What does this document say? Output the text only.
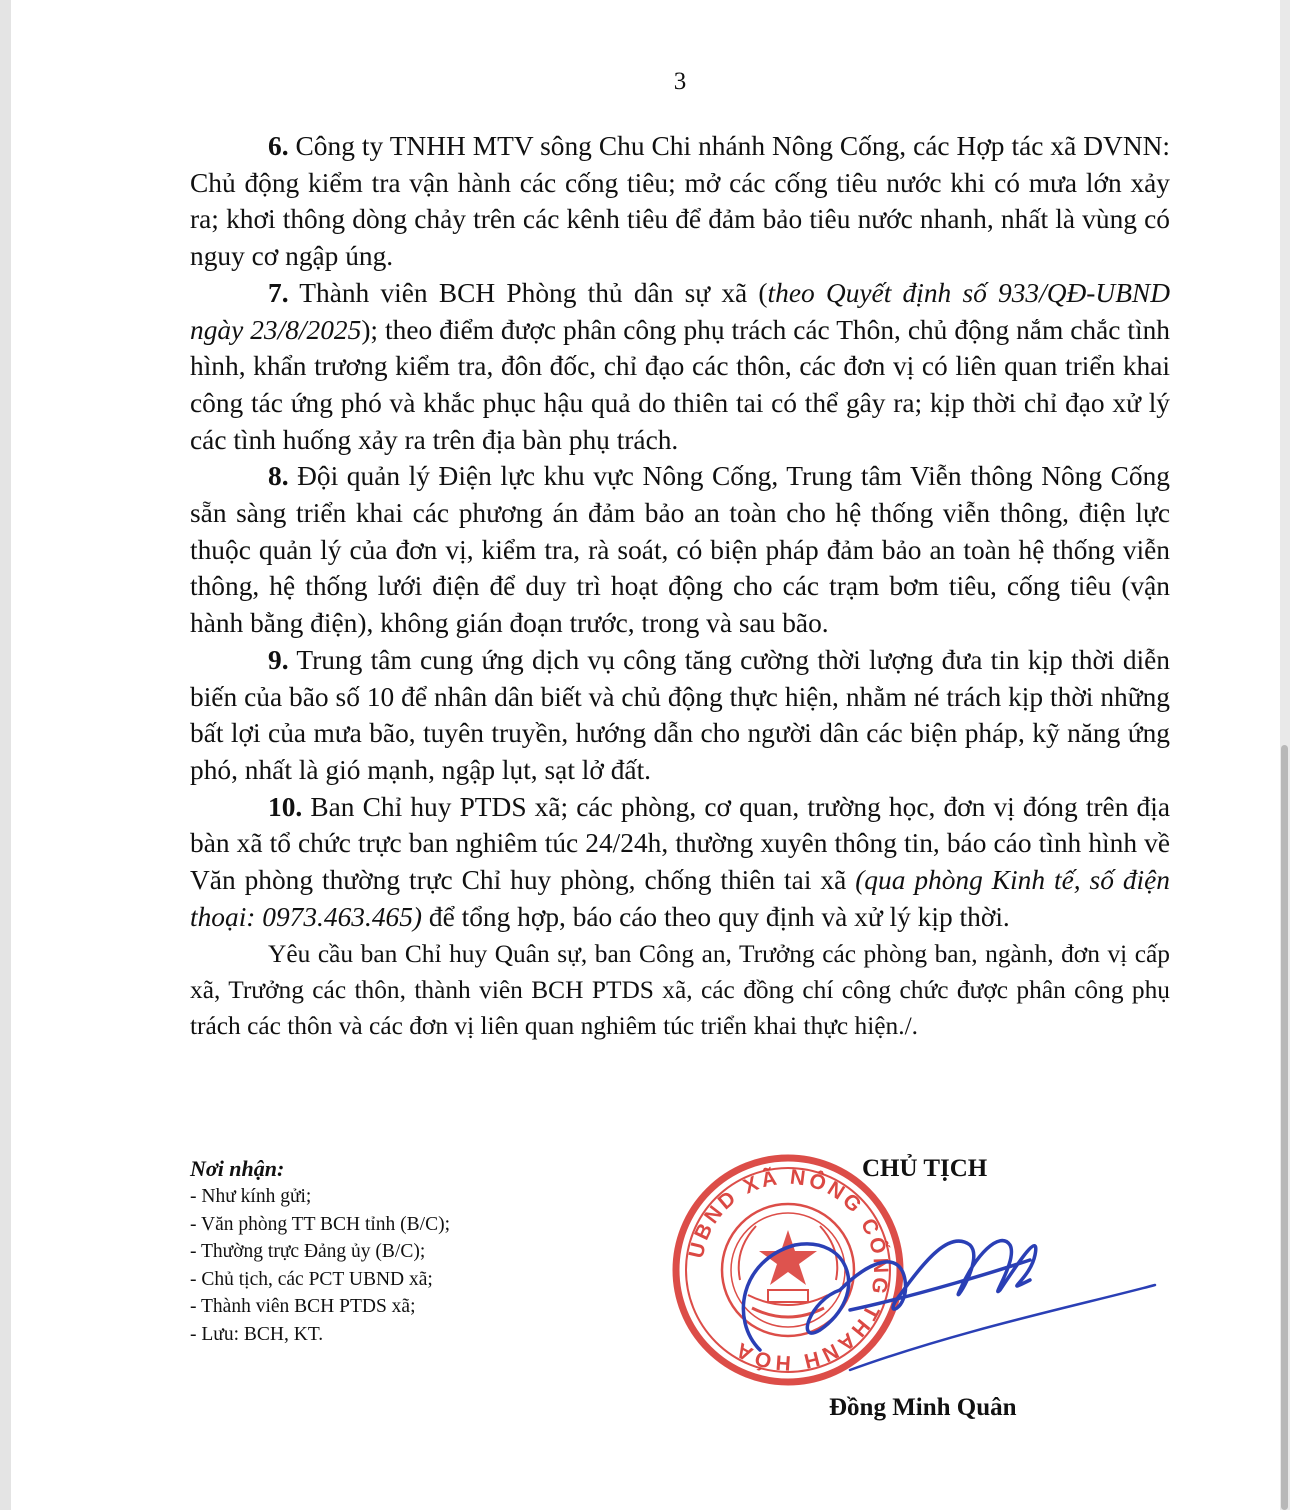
3

6. Công ty TNHH MTV sông Chu Chi nhánh Nông Cống, các Hợp tác xã DVNN: Chủ động kiểm tra vận hành các cống tiêu; mở các cống tiêu nước khi có mưa lớn xảy ra; khơi thông dòng chảy trên các kênh tiêu để đảm bảo tiêu nước nhanh, nhất là vùng có nguy cơ ngập úng.

7. Thành viên BCH Phòng thủ dân sự xã (theo Quyết định số 933/QĐ-UBND ngày 23/8/2025); theo điểm được phân công phụ trách các Thôn, chủ động nắm chắc tình hình, khẩn trương kiểm tra, đôn đốc, chỉ đạo các thôn, các đơn vị có liên quan triển khai công tác ứng phó và khắc phục hậu quả do thiên tai có thể gây ra; kịp thời chỉ đạo xử lý các tình huống xảy ra trên địa bàn phụ trách.

8. Đội quản lý Điện lực khu vực Nông Cống, Trung tâm Viễn thông Nông Cống sẵn sàng triển khai các phương án đảm bảo an toàn cho hệ thống viễn thông, điện lực thuộc quản lý của đơn vị, kiểm tra, rà soát, có biện pháp đảm bảo an toàn hệ thống viễn thông, hệ thống lưới điện để duy trì hoạt động cho các trạm bơm tiêu, cống tiêu (vận hành bằng điện), không gián đoạn trước, trong và sau bão.

9. Trung tâm cung ứng dịch vụ công tăng cường thời lượng đưa tin kịp thời diễn biến của bão số 10 để nhân dân biết và chủ động thực hiện, nhằm né trách kịp thời những bất lợi của mưa bão, tuyên truyền, hướng dẫn cho người dân các biện pháp, kỹ năng ứng phó, nhất là gió mạnh, ngập lụt, sạt lở đất.

10. Ban Chỉ huy PTDS xã; các phòng, cơ quan, trường học, đơn vị đóng trên địa bàn xã tổ chức trực ban nghiêm túc 24/24h, thường xuyên thông tin, báo cáo tình hình về Văn phòng thường trực Chỉ huy phòng, chống thiên tai xã (qua phòng Kinh tế, số điện thoại: 0973.463.465) để tổng hợp, báo cáo theo quy định và xử lý kịp thời.

Yêu cầu ban Chỉ huy Quân sự, ban Công an, Trưởng các phòng ban, ngành, đơn vị cấp xã, Trưởng các thôn, thành viên BCH PTDS xã, các đồng chí công chức được phân công phụ trách các thôn và các đơn vị liên quan nghiêm túc triển khai thực hiện./.

Nơi nhận:
- Như kính gửi;
- Văn phòng TT BCH tỉnh (B/C);
- Thường trực Đảng ủy (B/C);
- Chủ tịch, các PCT UBND xã;
- Thành viên BCH PTDS xã;
- Lưu: BCH, KT.
CHỦ TỊCH
UBND XÃ NÔNG CỐNG THANH HÓA
Đồng Minh Quân
